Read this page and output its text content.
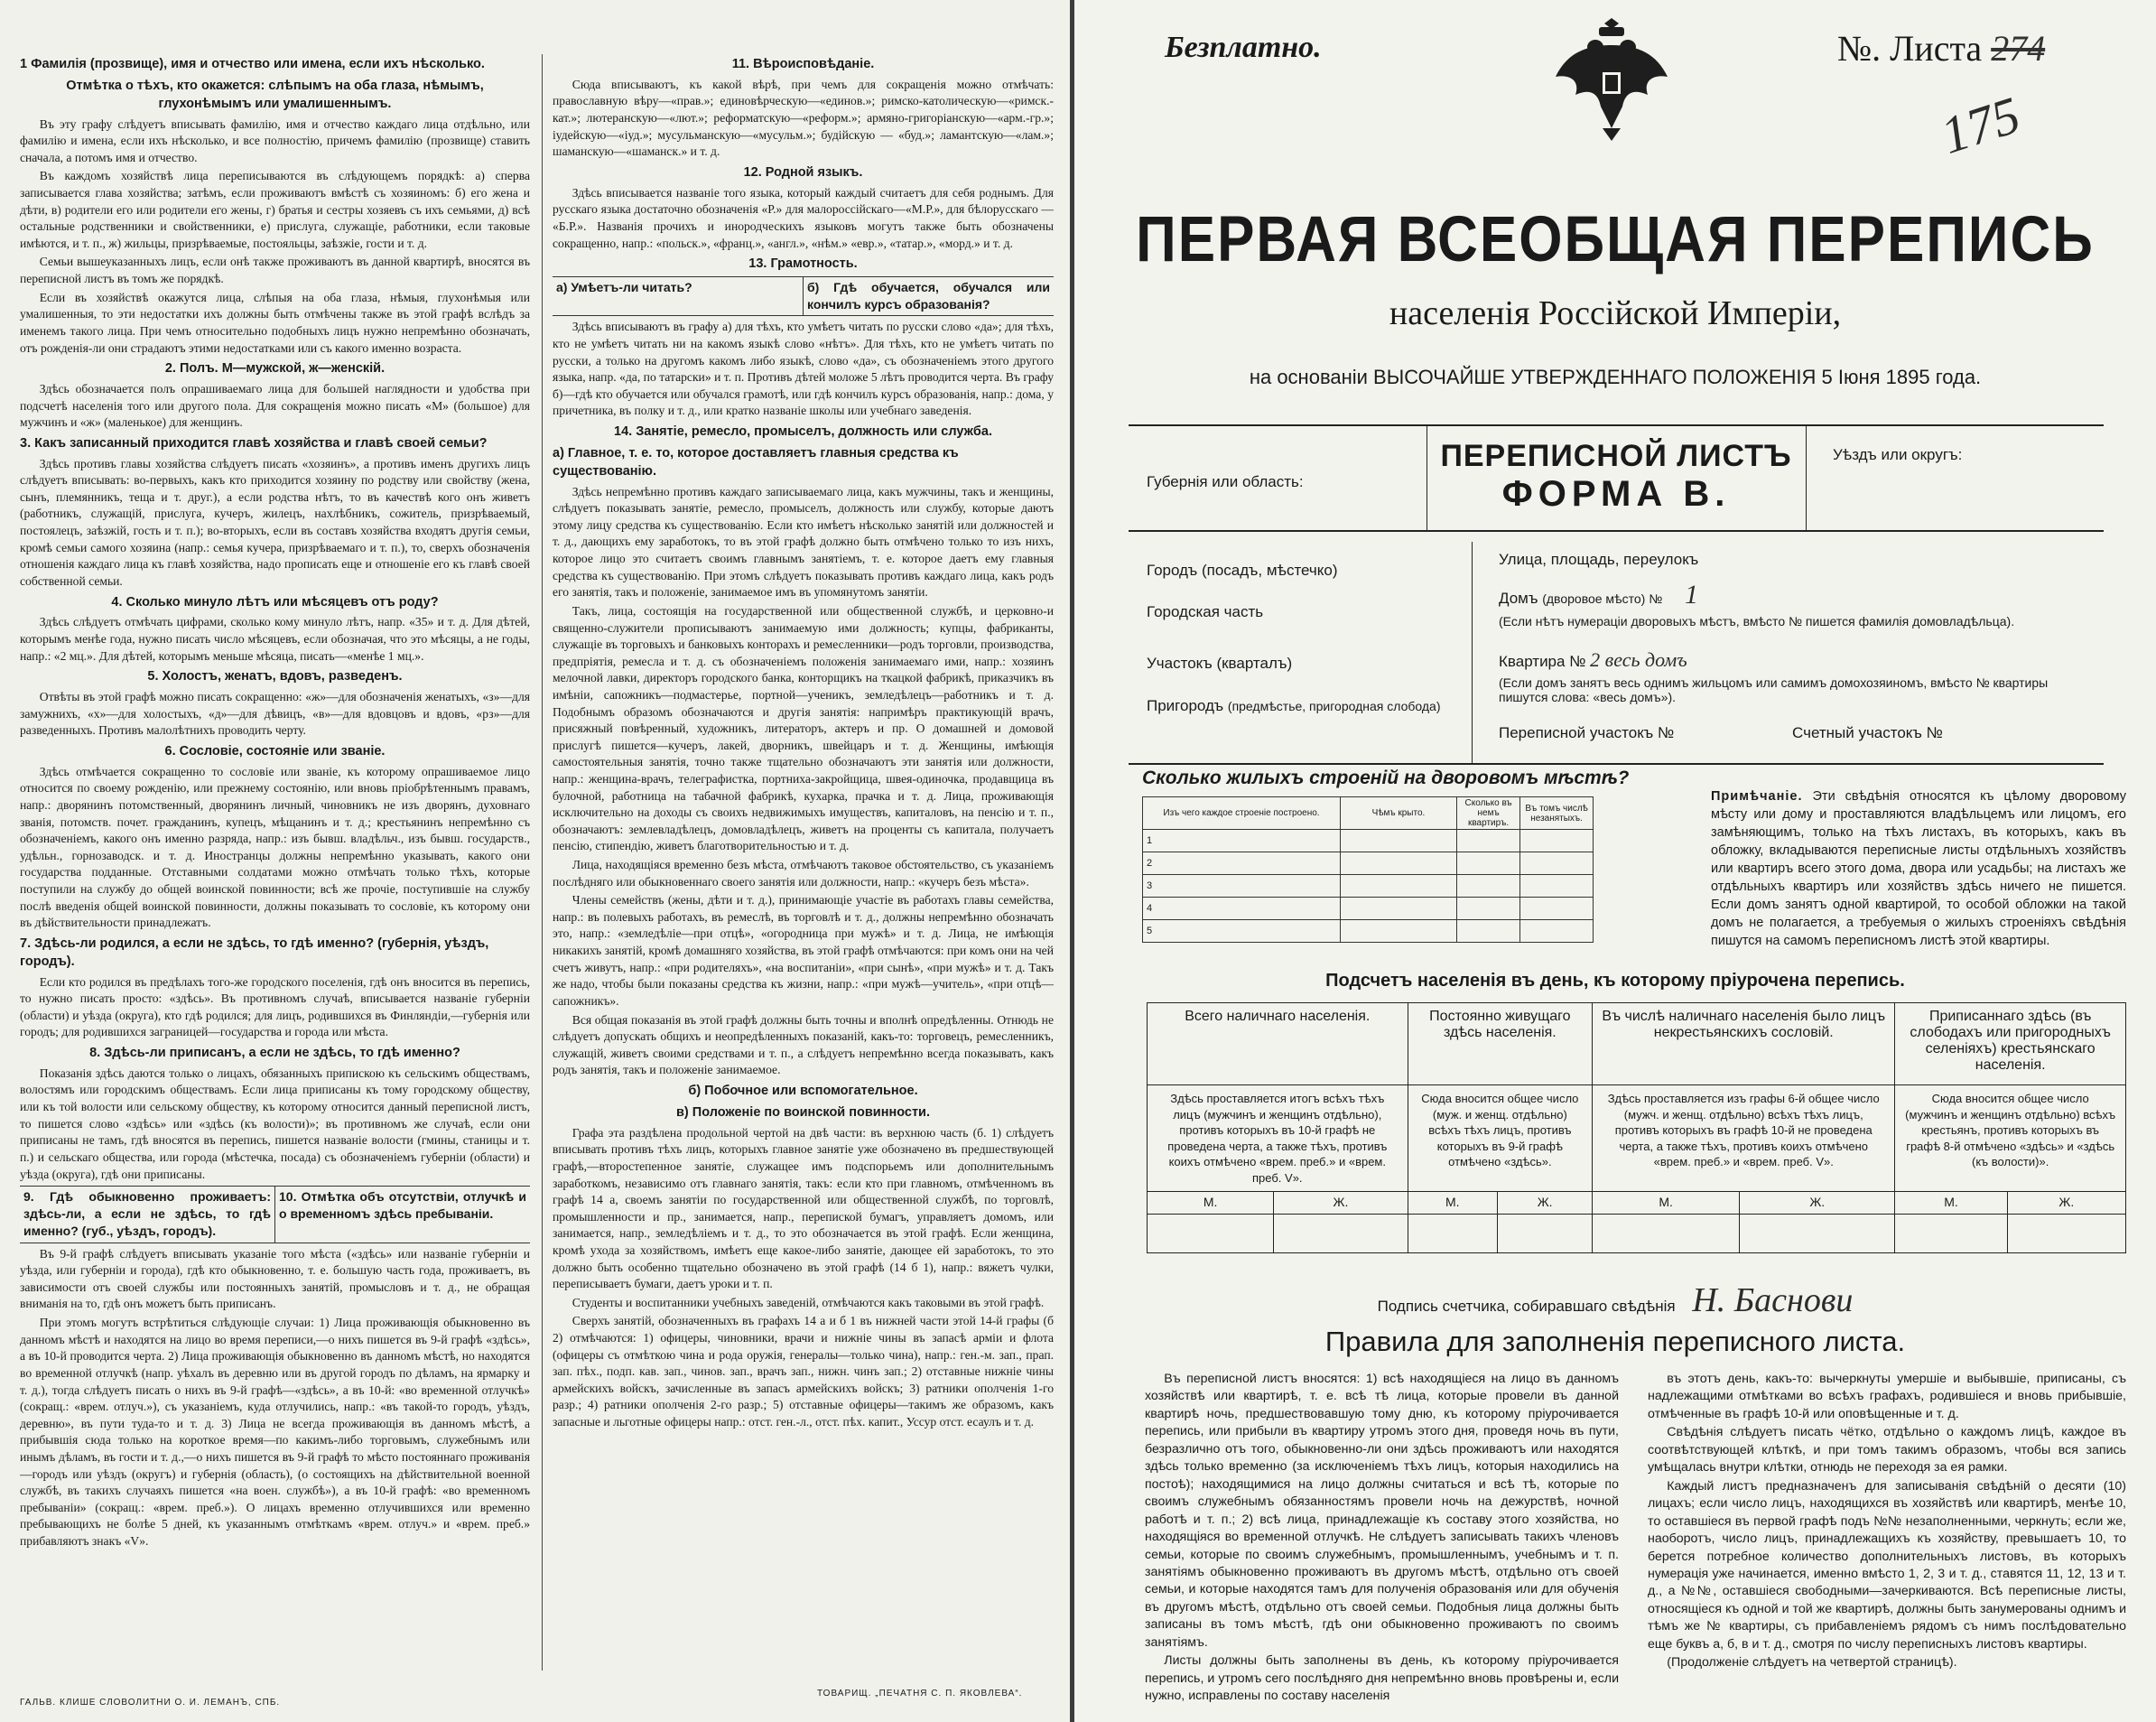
1 Фамилія (прозвище), имя и отчество или имена, если ихъ нѣсколько.
Отмѣтка о тѣхъ, кто окажется: слѣпымъ на оба глаза, нѣмымъ, глухонѣмымъ или умалишеннымъ.

Въ эту графу слѣдуетъ вписывать фамилію, имя и отчество каждаго лица отдѣльно, или фамилію и имена, если ихъ нѣсколько, и все полностію, причемъ фамилію (прозвище) ставить сначала, а потомъ имя и отчество.

Въ каждомъ хозяйствѣ лица переписываются въ слѣдующемъ порядкѣ: а) сперва записывается глава хозяйства; затѣмъ, если проживаютъ вмѣстѣ съ хозяиномъ: б) его жена и дѣти, в) родители его или родители его жены, г) братья и сестры хозяевъ съ ихъ семьями, д) всѣ остальные родственники и свойственники, е) прислуга, служащіе, работники, если таковые имѣются, и т. п., ж) жильцы, призрѣваемые, постояльцы, заѣзжіе, гости и т. д.

Семьи вышеуказанныхъ лицъ, если онѣ также проживаютъ въ данной квартирѣ, вносятся въ переписной листъ въ томъ же порядкѣ.

Если въ хозяйствѣ окажутся лица, слѣпыя на оба глаза, нѣмыя, глухонѣмыя или умалишенныя, то эти недостатки ихъ должны быть отмѣчены также въ этой графѣ вслѣдъ за именемъ такого лица. При чемъ относительно подобныхъ лицъ нужно непремѣнно обозначать, отъ рожденія-ли они страдаютъ этими недостатками или съ какого именно возраста.

2. Полъ. М—мужской, ж—женскій.

Здѣсь обозначается полъ опрашиваемаго лица для большей наглядности и удобства при подсчетѣ населенія того или другого пола. Для сокращенія можно писать «М» (большое) для мужчинъ и «ж» (маленькое) для женщинъ.

3. Какъ записанный приходится главѣ хозяйства и главѣ своей семьи?

Здѣсь противъ главы хозяйства слѣдуетъ писать «хозяинъ», а противъ именъ другихъ лицъ слѣдуетъ вписывать: во-первыхъ, какъ кто приходится хозяину по родству или свойству (жена, сынъ, племянникъ, теща и т. друг.), а если родства нѣтъ, то въ качествѣ кого онъ живетъ (работникъ, служащій, прислуга, кучеръ, жилецъ, нахлѣбникъ, сожитель, призрѣваемый, постоялецъ, заѣзжій, гость и т. п.); во-вторыхъ, если въ составъ хозяйства входятъ другія семьи, кромѣ семьи самого хозяина (напр.: семья кучера, призрѣваемаго и т. п.), то, сверхъ обозначенія отношенія каждаго лица къ главѣ хозяйства, надо прописать еще и отношеніе его къ главѣ своей собственной семьи.

4. Сколько минуло лѣтъ или мѣсяцевъ отъ роду?

Здѣсь слѣдуетъ отмѣчать цифрами, сколько кому минуло лѣтъ, напр. «35» и т. д. Для дѣтей, которымъ менѣе года, нужно писать число мѣсяцевъ, если обозначая, что это мѣсяцы, а не годы, напр.: «2 мц.». Для дѣтей, которымъ меньше мѣсяца, писать—«менѣе 1 мц.».

5. Холостъ, женатъ, вдовъ, разведенъ.

Отвѣты въ этой графѣ можно писать сокращенно: «ж»—для обозначенія женатыхъ, «з»—для замужнихъ, «х»—для холостыхъ, «д»—для дѣвицъ, «в»—для вдовцовъ и вдовъ, «рз»—для разведенныхъ. Противъ малолѣтнихъ проводить черту.

6. Сословіе, состояніе или званіе.

Здѣсь отмѣчается сокращенно то сословіе или званіе, къ которому опрашиваемое лицо относится по своему рожденію, или прежнему состоянію, или вновь пріобрѣтеннымъ правамъ, напр.: дворянинъ потомственный, дворянинъ личный, чиновникъ не изъ дворянъ, духовнаго званія, потомств. почет. гражданинъ, купецъ, мѣщанинъ и т. д.; крестьянинъ непремѣнно съ обозначеніемъ, какого онъ именно разряда, напр.: изъ бывш. владѣльч., изъ бывш. государств., удѣльн., горнозаводск. и т. д. Иностранцы должны непремѣнно указывать, какого они государства подданные. Отставными солдатами можно отмѣчать только тѣхъ, которые поступили на службу до общей воинской повинности; всѣ же прочіе, поступившіе на службу послѣ введенія общей воинской повинности, должны показывать то сословіе, къ которому они въ дѣйствительности принадлежатъ.

7. Здѣсь-ли родился, а если не здѣсь, то гдѣ именно? (губернія, уѣздъ, городъ).

Если кто родился въ предѣлахъ того-же городского поселенія, гдѣ онъ вносится въ перепись, то нужно писать просто: «здѣсь». Въ противномъ случаѣ, вписывается названіе губерніи (области) и уѣзда (округа), кто гдѣ родился; для лицъ, родившихся въ Финляндіи,—губернія или городъ; для родившихся заграницей—государства и города или мѣста.

8. Здѣсь-ли приписанъ, а если не здѣсь, то гдѣ именно?

Показанія здѣсь даются только о лицахъ, обязанныхъ припискою къ сельскимъ обществамъ, волостямъ или городскимъ обществамъ. Если лица приписаны къ тому городскому обществу, или къ той волости или сельскому обществу, къ которому относится данный переписной листъ, то пишется слово «здѣсь» или «здѣсь (къ волости)»; въ противномъ же случаѣ, если они приписаны не тамъ, гдѣ вносятся въ перепись, пишется названіе волости (гмины, станицы и т. п.) и сельскаго общества, или города (мѣстечка, посада) съ обозначеніемъ губерніи (области) и уѣзда (округа), гдѣ они приписаны.

9. Гдѣ обыкновенно проживаетъ: здѣсь-ли, а если не здѣсь, то гдѣ именно? (губ., уѣздъ, городъ).
10. Отмѣтка объ отсутствіи, отлучкѣ и о временномъ здѣсь пребываніи.

Въ 9-й графѣ слѣдуетъ вписывать указаніе того мѣста («здѣсь» или названіе губерніи и уѣзда, или губерніи и города), гдѣ кто обыкновенно, т. е. большую часть года, проживаетъ, въ зависимости отъ своей службы или постоянныхъ занятій, промысловъ и т. д., не обращая вниманія на то, гдѣ онъ можетъ быть приписанъ.

При этомъ могутъ встрѣтиться слѣдующіе случаи: 1) Лица проживающія обыкновенно въ данномъ мѣстѣ и находятся на лицо во время переписи,—о нихъ пишется въ 9-й графѣ «здѣсь», а въ 10-й проводится черта. 2) Лица проживающія обыкновенно въ данномъ мѣстѣ, но находятся во временной отлучкѣ (напр. уѣхалъ въ деревню или въ другой городъ по дѣламъ, на ярмарку и т. д.), тогда слѣдуетъ писать о нихъ въ 9-й графѣ—«здѣсь», а въ 10-й: «во временной отлучкѣ» (сокращ.: «врем. отлуч.»), съ указаніемъ, куда отлучились, напр.: «въ такой-то городъ, уѣздъ, деревню», въ пути туда-то и т. д. 3) Лица не всегда проживающія въ данномъ мѣстѣ, а прибывшія сюда только на короткое время—по какимъ-либо торговымъ, служебнымъ или инымъ дѣламъ, въ гости и т. д.,—о нихъ пишется въ 9-й графѣ то мѣсто постояннаго проживанія—городъ или уѣздъ (округъ) и губернія (область), (о состоящихъ на дѣйствительной военной службѣ, въ такихъ случаяхъ пишется «на воен. службѣ»), а въ 10-й графѣ: «во временномъ пребываніи» (сокращ.: «врем. преб.»). О лицахъ временно отлучившихся или временно пребывающихъ не болѣе 5 дней, къ указаннымъ отмѣткамъ «врем. отлуч.» и «врем. преб.» прибавляютъ знакъ «V».

11. Вѣроисповѣданіе.

Сюда вписываютъ, къ какой вѣрѣ, при чемъ для сокращенія можно отмѣчать: православную вѣру—«прав.»; единовѣрческую—«единов.»; римско-католическую—«римск.-кат.»; лютеранскую—«лют.»; реформатскую—«реформ.»; армяно-григоріанскую—«арм.-гр.»; іудейскую—«іуд.»; мусульманскую—«мусульм.»; будійскую — «буд.»; ламантскую—«лам.»; шаманскую—«шаманск.» и т. д.

12. Родной языкъ.

Здѣсь вписывается названіе того языка, который каждый считаетъ для себя роднымъ. Для русскаго языка достаточно обозначенія «Р.» для малороссійскаго—«М.Р.», для бѣлорусскаго — «Б.Р.». Названія прочихъ и инородческихъ языковъ могутъ также быть обозначены сокращенно, напр.: «польск.», «франц.», «англ.», «нѣм.» «евр.», «татар.», «морд.» и т. д.

13. Грамотность.
а) Умѣетъ-ли читать?	б) Гдѣ обучается, обучался или кончилъ курсъ образованія?

Здѣсь вписываютъ въ графу а) для тѣхъ, кто умѣетъ читать по русски слово «да»; для тѣхъ, кто не умѣетъ читать ни на какомъ языкѣ слово «нѣтъ». Для тѣхъ, кто не умѣетъ читать по русски, а только на другомъ какомъ либо языкѣ, слово «да», съ обозначеніемъ этого другого языка, напр. «да, по татарски» и т. п. Противъ дѣтей моложе 5 лѣтъ проводится черта. Въ графу б)—гдѣ кто обучается или обучался грамотѣ, или гдѣ кончилъ курсъ образованія, напр.: дома, у причетника, въ полку и т. д., или кратко названіе школы или учебнаго заведенія.

14. Занятіе, ремесло, промыселъ, должность или служба.
а) Главное, т. е. то, которое доставляетъ главныя средства къ существованію.

Здѣсь непремѣнно противъ каждаго записываемаго лица, какъ мужчины, такъ и женщины, слѣдуетъ показывать занятіе, ремесло, промыселъ, должность или службу, которые даютъ этому лицу средства къ существованію. Если кто имѣетъ нѣсколько занятій или должностей и т. д., дающихъ ему заработокъ, то въ этой графѣ должно быть отмѣчено только то изъ нихъ, которое лицо это считаетъ своимъ главнымъ занятіемъ, т. е. которое даетъ ему главныя средства къ существованію. При этомъ слѣдуетъ показывать противъ каждаго лица, какъ родъ его занятія, такъ и положеніе, занимаемое имъ въ упомянутомъ занятіи.

Такъ, лица, состоящія на государственной или общественной службѣ, и церковно-и священно-служители прописываютъ занимаемую ими должность; купцы, фабриканты, служащіе въ торговыхъ и банковыхъ конторахъ и ремесленники—родъ торговли, производства, предпріятія, ремесла и т. д. съ обозначеніемъ положенія занимаемаго ими, напр.: хозяинъ мелочной лавки, директоръ городского банка, конторщикъ на ткацкой фабрикѣ, приказчикъ въ имѣніи, сапожникъ—подмастерье, портной—ученикъ, земледѣлецъ—работникъ и т. д. Подобнымъ образомъ обозначаются и другія занятія: напримѣръ практикующій врачъ, присяжный повѣренный, художникъ, литераторъ, актеръ и пр. О домашней и домовой прислугѣ пишется—кучеръ, лакей, дворникъ, швейцаръ и т. д. Женщины, имѣющія самостоятельныя занятія, точно также тщательно обозначаютъ эти занятія или должности, напр.: женщина-врачъ, телеграфистка, портниха-закройщица, швея-одиночка, продавщица въ булочной, работница на табачной фабрикѣ, кухарка, прачка и т. д. Лица, проживающія исключительно на доходы съ своихъ недвижимыхъ имуществъ, капиталовъ, на пенсію и т. п., обозначаютъ: землевладѣлецъ, домовладѣлецъ, живетъ на проценты съ капитала, получаетъ пенсію, стипендію, живетъ благотворительностью и т. д.

Лица, находящіяся временно безъ мѣста, отмѣчаютъ таковое обстоятельство, съ указаніемъ послѣдняго или обыкновеннаго своего занятія или должности, напр.: «кучеръ безъ мѣста».

Члены семействъ (жены, дѣти и т. д.), принимающіе участіе въ работахъ главы семейства, напр.: въ полевыхъ работахъ, въ ремеслѣ, въ торговлѣ и т. д., должны непремѣнно обозначать это, напр.: «земледѣліе—при отцѣ», «огородница при мужѣ» и т. д. Лица, не имѣющія никакихъ занятій, кромѣ домашняго хозяйства, въ этой графѣ отмѣчаются: при комъ они на чей счетъ живутъ, напр.: «при родителяхъ», «на воспитаніи», «при сынѣ», «при мужѣ» и т. д. Такъ же надо, чтобы были показаны средства къ жизни, напр.: «при мужѣ—учитель», «при отцѣ—сапожникъ».

Вся общая показанія въ этой графѣ должны быть точны и вполнѣ опредѣленны. Отнюдь не слѣдуетъ допускать общихъ и неопредѣленныхъ показаній, какъ-то: торговецъ, ремесленникъ, служащій, живетъ своими средствами и т. п., а слѣдуетъ непремѣнно всегда показывать, какъ родъ занятія, такъ и положеніе занимаемое.

б) Побочное или вспомогательное.
в) Положеніе по воинской повинности.

Графа эта раздѣлена продольной чертой на двѣ части: въ верхнюю часть (б. 1) слѣдуетъ вписывать противъ тѣхъ лицъ, которыхъ главное занятіе уже обозначено въ предшествующей графѣ,—второстепенное занятіе, служащее имъ подспорьемъ или дополнительнымъ заработкомъ, независимо отъ главнаго занятія, такъ: если кто при главномъ, отмѣченномъ въ графѣ 14 а, своемъ занятіи по государственной или общественной службѣ, по торговлѣ, промышленности и пр., занимается, напр., перепиской бумагъ, управляетъ домомъ, или занимается, напр., земледѣліемъ и т. д., то это обозначается въ этой графѣ. Если женщина, кромѣ ухода за хозяйствомъ, имѣетъ еще какое-либо занятіе, дающее ей заработокъ, то это должно быть особенно тщательно обозначено въ этой графѣ (14 б 1), напр.: вяжетъ чулки, переписываетъ бумаги, даетъ уроки и т. п.

Студенты и воспитанники учебныхъ заведеній, отмѣчаются какъ таковыми въ этой графѣ.

Сверхъ занятій, обозначенныхъ въ графахъ 14 а и б 1 въ нижней части этой 14-й графы (б 2) отмѣчаются: 1) офицеры, чиновники, врачи и нижніе чины въ запасѣ арміи и флота (офицеры съ отмѣткою чина и рода оружія, генералы—только чина), напр.: ген.-м. зап., прап. зап. пѣх., подп. кав. зап., чинов. зап., врачъ зап., нижн. чинъ зап.; 2) отставные нижніе чины армейскихъ войскъ, зачисленные въ запасъ армейскихъ войскъ; 3) ратники ополченія 1-го разр.; 4) ратники ополченія 2-го разр.; 5) отставные офицеры—такимъ же образомъ, какъ запасные и льготные офицеры напр.: отст. ген.-л., отст. пѣх. капит., Уссур отст. есаулъ и т. д.

ГАЛЬВ. КЛИШЕ СЛОВОЛИТНИ О. И. ЛЕМАНЪ, СПБ.
ТОВАРИЩ. „ПЕЧАТНЯ С. П. ЯКОВЛЕВА“.
Безплатно.	№. Листа 274
175
ПЕРВАЯ ВСЕОБЩАЯ ПЕРЕПИСЬ
населенія Россійской Имперіи,
на основаніи ВЫСОЧАЙШЕ УТВЕРЖДЕННАГО ПОЛОЖЕНІЯ 5 Іюня 1895 года.
Губернія или область:
ПЕРЕПИСНОЙ ЛИСТЪ
ФОРМА В.
Уѣздъ или округъ:
Городъ (посадъ, мѣстечко)
Городская часть
Участокъ (кварталъ)
Пригородъ (предмѣстье, пригородная слобода)
Улица, площадь, переулокъ
Домъ (дворовое мѣсто) № 1
(Если нѣтъ нумераціи дворовыхъ мѣстъ, вмѣсто № пишется фамилія домовладѣльца).
Квартира № 2 весь домъ
(Если домъ занятъ весь однимъ жильцомъ или самимъ домохозяиномъ, вмѣсто № квартиры пишутся слова: «весь домъ»).
Переписной участокъ №	Счетный участокъ №
Сколько жилыхъ строеній на дворовомъ мѣстѣ?
Изъ чего каждое строеніе построено.	Чѣмъ крыто.	Сколько въ немъ квартиръ.	Въ томъ числѣ незанятыхъ.
1			
2			
3			
4			
5			
Примѣчаніе. Эти свѣдѣнія относятся къ цѣлому дворовому мѣсту или дому и проставляются владѣльцемъ или лицомъ, его замѣняющимъ, только на тѣхъ листахъ, въ которыхъ, какъ въ обложку, вкладываются переписные листы отдѣльныхъ хозяйствъ или квартиръ всего этого дома, двора или усадьбы; на листахъ же отдѣльныхъ квартиръ или хозяйствъ здѣсь ничего не пишется. Если домъ занятъ одной квартирой, то особой обложки на такой домъ не полагается, а требуемыя о жилыхъ строеніяхъ свѣдѣнія пишутся на самомъ переписномъ листѣ этой квартиры.
Подсчетъ населенія въ день, къ которому пріурочена перепись.
Всего наличнаго населенія.		Постоянно живущаго здѣсь населенія.		Въ числѣ наличнаго населенія было лицъ некрестьянскихъ сословій.		Приписаннаго здѣсь (въ слободахъ или пригородныхъ селеніяхъ) крестьянскаго населенія.	
Здѣсь проставляется итогъ всѣхъ тѣхъ лицъ (мужчинъ и женщинъ отдѣльно), противъ которыхъ въ 10-й графѣ не проведена черта, а также тѣхъ, противъ коихъ отмѣчено «врем. преб.» и «врем. преб. V».		Сюда вносится общее число (муж. и женщ. отдѣльно) всѣхъ тѣхъ лицъ, противъ которыхъ въ 9-й графѣ отмѣчено «здѣсь».		Здѣсь проставляется изъ графы 6-й общее число (мужч. и женщ. отдѣльно) всѣхъ тѣхъ лицъ, противъ которыхъ въ графѣ 10-й не проведена черта, а также тѣхъ, противъ коихъ отмѣчено «врем. преб.» и «врем. преб. V».		Сюда вносится общее число (мужчинъ и женщинъ отдѣльно) всѣхъ крестьянъ, противъ которыхъ въ графѣ 8-й отмѣчено «здѣсь» и «здѣсь (къ волости)».	
М.	Ж.	М.	Ж.	М.	Ж.	М.	Ж.

Подпись счетчика, собиравшаго свѣдѣнія Н. Баснови
Правила для заполненія переписного листа.

Въ переписной листъ вносятся: 1) всѣ находящіеся на лицо въ данномъ хозяйствѣ или квартирѣ, т. е. всѣ тѣ лица, которые провели въ данной квартирѣ ночь, предшествовавшую тому дню, къ которому пріурочивается перепись, или прибыли въ квартиру утромъ этого дня, проведя ночь въ пути, безразлично отъ того, обыкновенно-ли они здѣсь проживаютъ или находятся здѣсь только временно (за исключеніемъ тѣхъ лицъ, которыя находились на постоѣ); находящимися на лицо должны считаться и всѣ тѣ, которые по своимъ служебнымъ обязанностямъ провели ночь на дежурствѣ, ночной работѣ и т. п.; 2) всѣ лица, принадлежащіе къ составу этого хозяйства, но находящіяся во временной отлучкѣ. Не слѣдуетъ записывать такихъ членовъ семьи, которые по своимъ служебнымъ, промышленнымъ, учебнымъ и т. п. занятіямъ обыкновенно проживаютъ въ другомъ мѣстѣ, отдѣльно отъ своей семьи, и которые находятся тамъ для полученія образованія или для обученія въ другомъ мѣстѣ, отдѣльно отъ своей семьи. Подобныя лица должны быть записаны въ томъ мѣстѣ, гдѣ они обыкновенно проживаютъ по своимъ занятіямъ.

Листы должны быть заполнены въ день, къ которому пріурочивается перепись, и утромъ сего послѣдняго дня непремѣнно вновь провѣрены и, если нужно, исправлены по составу населенія

въ этотъ день, какъ-то: вычеркнуты умершіе и выбывшіе, приписаны, съ надлежащими отмѣтками во всѣхъ графахъ, родившіеся и вновь прибывшіе, отмѣченные въ графѣ 10-й или оповѣщенные и т. д.

Свѣдѣнія слѣдуетъ писать чётко, отдѣльно о каждомъ лицѣ, каждое въ соотвѣтствующей клѣткѣ, и при томъ такимъ образомъ, чтобы вся запись умѣщалась внутри клѣтки, отнюдь не переходя за ея рамки.

Каждый листъ предназначенъ для записыванія свѣдѣній о десяти (10) лицахъ; если число лицъ, находящихся въ хозяйствѣ или квартирѣ, менѣе 10, то оставшіеся въ первой графѣ подъ №№ незаполненными, черкнуть; если же, наоборотъ, число лицъ, принадлежащихъ къ хозяйству, превышаетъ 10, то берется потребное количество дополнительныхъ листовъ, въ которыхъ нумерація уже начинается, именно вмѣсто 1, 2, 3 и т. д., ставятся 11, 12, 13 и т. д., а №№, оставшіеся свободными—зачеркиваются. Всѣ переписные листы, относящіеся къ одной и той же квартирѣ, должны быть занумерованы однимъ и тѣмъ же № квартиры, съ прибавленіемъ рядомъ съ нимъ послѣдовательно еще буквъ а, б, в и т. д., смотря по числу переписныхъ листовъ квартиры.

(Продолженіе слѣдуетъ на четвертой страницѣ).
